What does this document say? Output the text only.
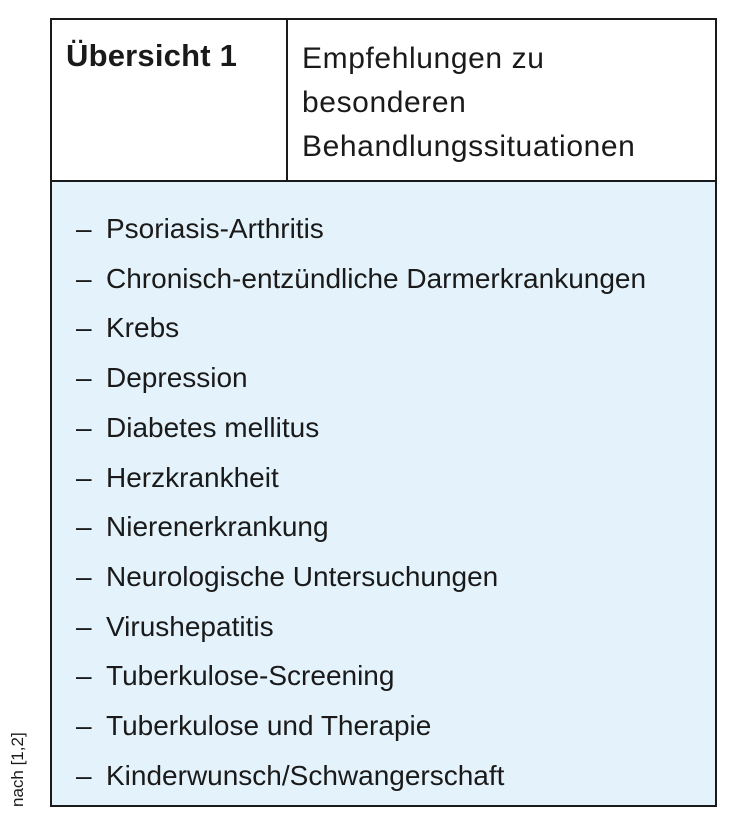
Übersicht 1	Empfehlungen zu
besonderen
Behandlungssituationen
– Psoriasis-Arthritis
– Chronisch-entzündliche Darmerkrankungen
– Krebs
– Depression
– Diabetes mellitus
– Herzkrankheit
– Nierenerkrankung
– Neurologische Untersuchungen
– Virushepatitis
– Tuberkulose-Screening
– Tuberkulose und Therapie
– Kinderwunsch/Schwangerschaft
nach [1,2]
